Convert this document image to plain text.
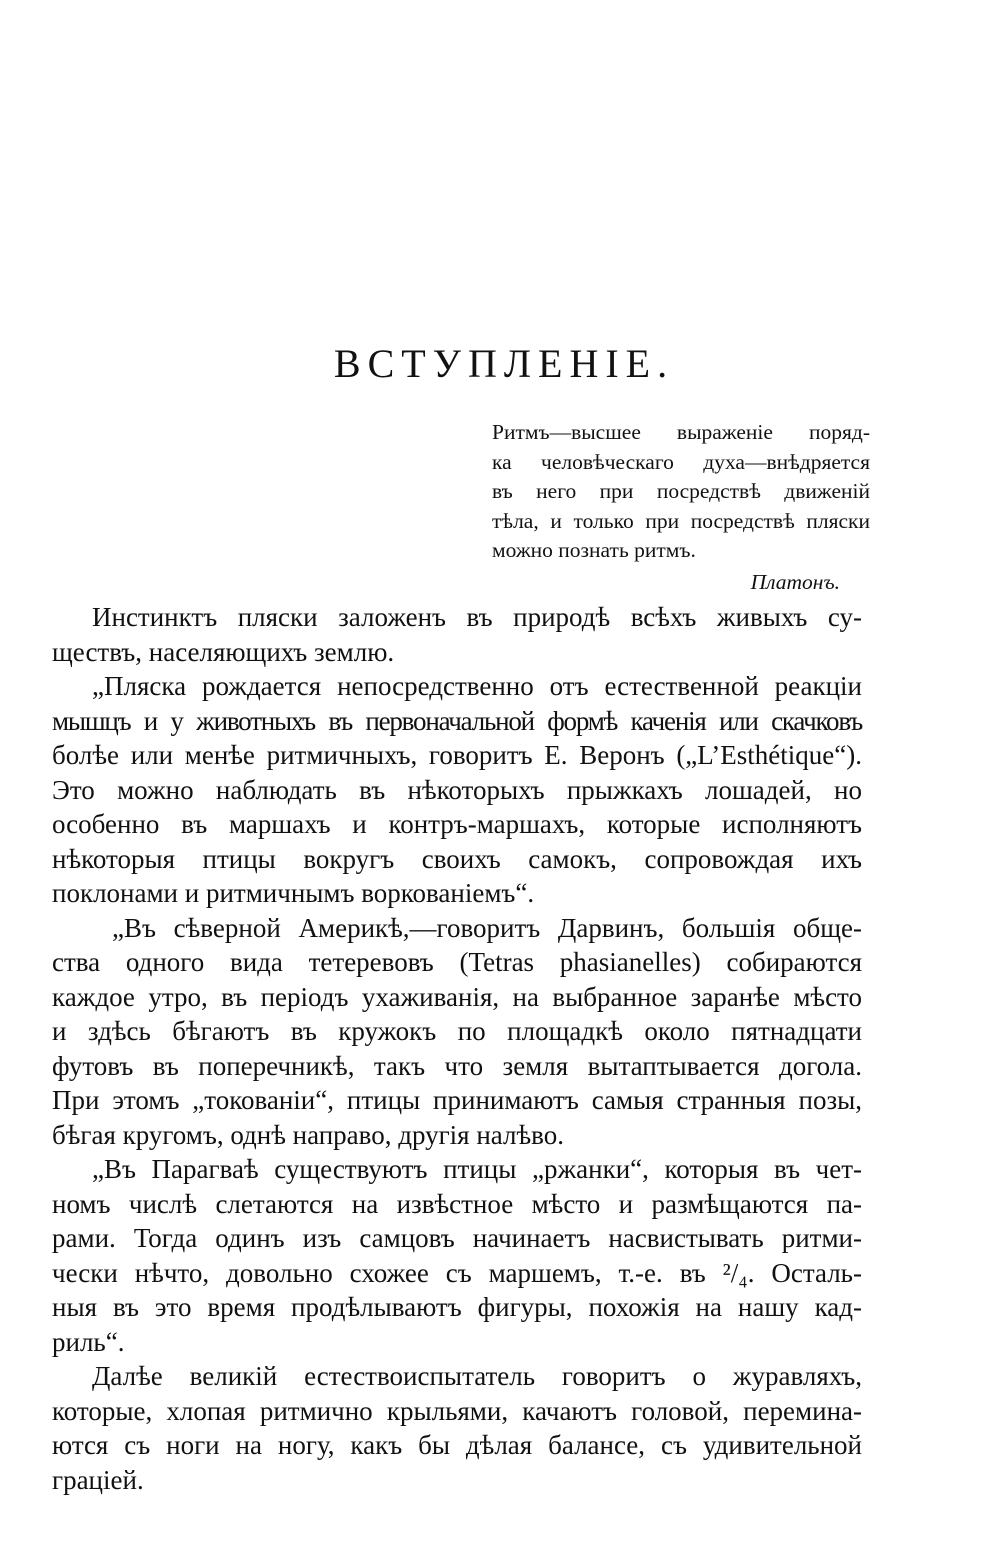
ВСТУПЛЕНІЕ.
Ритмъ—высшее выраженіе поряд-
ка человѣческаго духа—внѣдряется
въ него при посредствѣ движеній
тѣла, и только при посредствѣ пляски
можно познать ритмъ.
Платонъ.
Инстинктъ пляски заложенъ въ природѣ всѣхъ живыхъ су-
ществъ, населяющихъ землю.
„Пляска рождается непосредственно отъ естественной реакціи
мышцъ и у животныхъ въ первоначальной формѣ каченія или скачковъ
болѣе или менѣе ритмичныхъ, говоритъ Е. Веронъ („L’Esthétique“).
Это можно наблюдать въ нѣкоторыхъ прыжкахъ лошадей, но
особенно въ маршахъ и контръ-маршахъ, которые исполняютъ
нѣкоторыя птицы вокругъ своихъ самокъ, сопровождая ихъ
поклонами и ритмичнымъ воркованіемъ“.
„Въ сѣверной Америкѣ,—говоритъ Дарвинъ, большія обще-
ства одного вида тетеревовъ (Tetras phasianelles) собираются
каждое утро, въ періодъ ухаживанія, на выбранное заранѣе мѣсто
и здѣсь бѣгаютъ въ кружокъ по площадкѣ около пятнадцати
футовъ въ поперечникѣ, такъ что земля вытаптывается догола.
При этомъ „токованіи“, птицы принимаютъ самыя странныя позы,
бѣгая кругомъ, однѣ направо, другія налѣво.
„Въ Парагваѣ существуютъ птицы „ржанки“, которыя въ чет-
номъ числѣ слетаются на извѣстное мѣсто и размѣщаются па-
рами. Тогда одинъ изъ самцовъ начинаетъ насвистывать ритми-
чески нѣчто, довольно схожее съ маршемъ, т.-е. въ ²/₄. Осталь-
ныя въ это время продѣлываютъ фигуры, похожія на нашу кад-
риль“.
Далѣе великій естествоиспытатель говоритъ о журавляхъ,
которые, хлопая ритмично крыльями, качаютъ головой, перемина-
ются съ ноги на ногу, какъ бы дѣлая балансе, съ удивительной
граціей.
